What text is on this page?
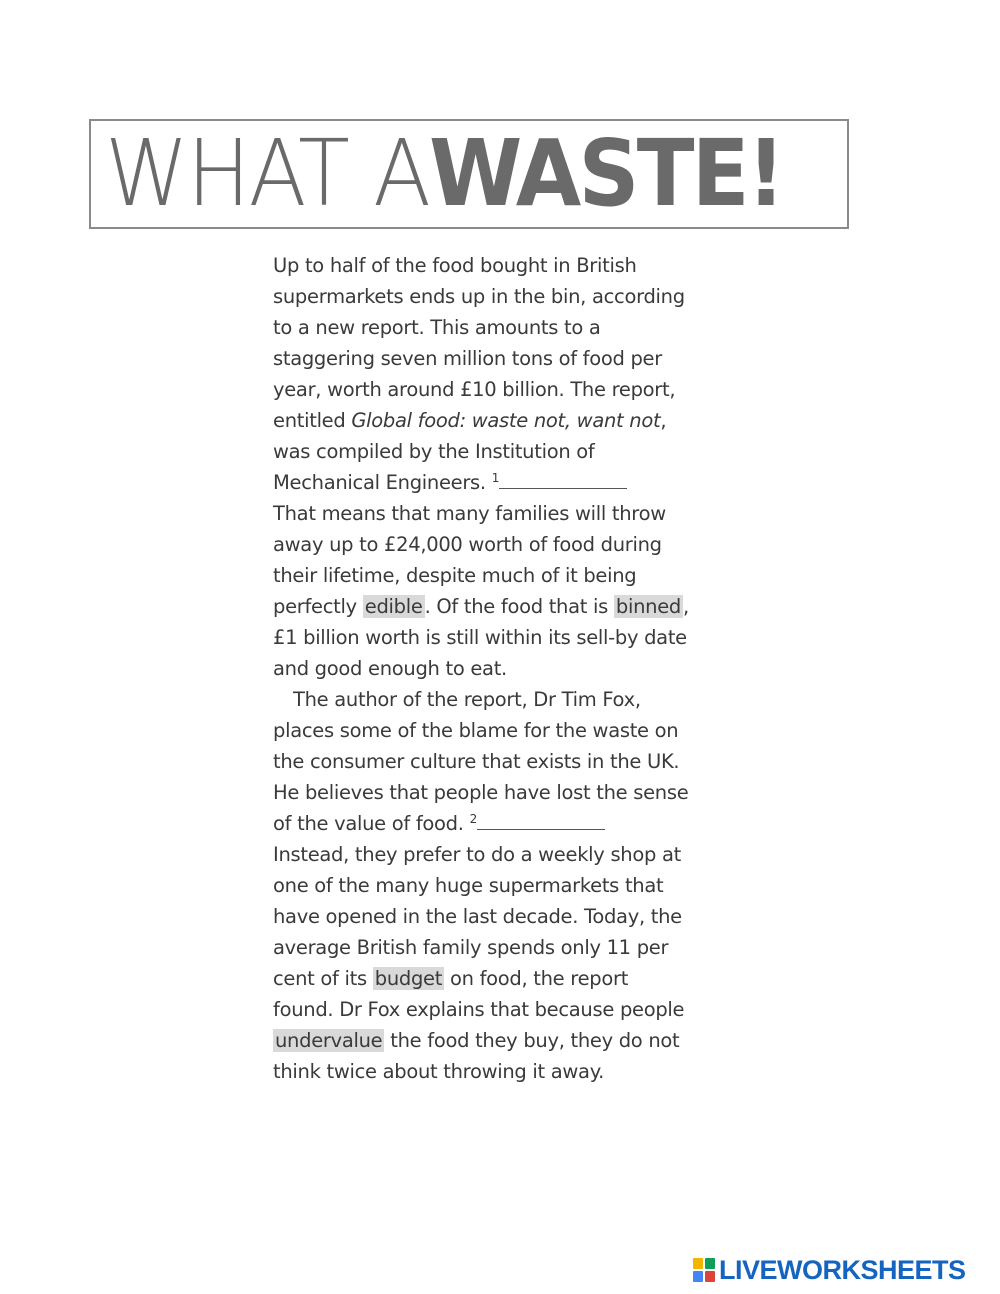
WHAT A WASTE!

Up to half of the food bought in British supermarkets ends up in the bin, according to a new report. This amounts to a staggering seven million tons of food per year, worth around £10 billion. The report, entitled Global food: waste not, want not, was compiled by the Institution of Mechanical Engineers. $^1$
That means that many families will throw away up to £24,000 worth of food during their lifetime, despite much of it being perfectly edible . Of the food that is binned , £1 billion worth is still within its sell-by date and good enough to eat.

The author of the report, Dr Tim Fox, places some of the blame for the waste on the consumer culture that exists in the UK. He believes that people have lost the sense of the value of food. $^2$
Instead, they prefer to do a weekly shop at one of the many huge supermarkets that have opened in the last decade. Today, the average British family spends only 11 per cent of its budget on food, the report found. Dr Fox explains that because people undervalue the food they buy, they do not think twice about throwing it away.

LIVEWORKSHEETS
